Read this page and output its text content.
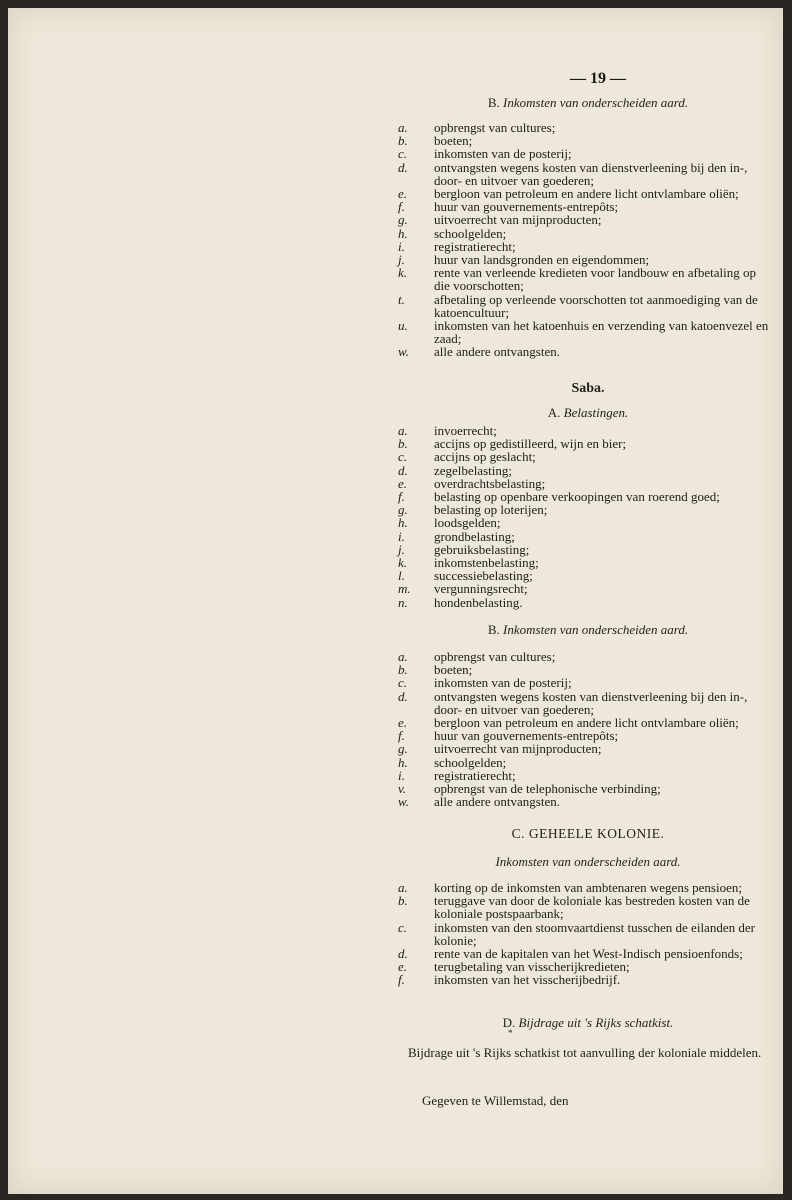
— 19 —
B. Inkomsten van onderscheiden aard.
a.	opbrengst van cultures;
b.	boeten;
c.	inkomsten van de posterij;
d.	ontvangsten wegens kosten van dienstverleening bij den in-, door- en uitvoer van goederen;
e.	bergloon van petroleum en andere licht ontvlambare oliën;
f.	huur van gouvernements-entrepôts;
g.	uitvoerrecht van mijnproducten;
h.	schoolgelden;
i.	registratierecht;
j.	huur van landsgronden en eigendommen;
k.	rente van verleende kredieten voor landbouw en afbetaling op die voorschotten;
t.	afbetaling op verleende voorschotten tot aanmoediging van de katoencultuur;
u.	inkomsten van het katoenhuis en verzending van katoenvezel en zaad;
w.	alle andere ontvangsten.
Saba.
A. Belastingen.
a.	invoerrecht;
b.	accijns op gedistilleerd, wijn en bier;
c.	accijns op geslacht;
d.	zegelbelasting;
e.	overdrachtsbelasting;
f.	belasting op openbare verkoopingen van roerend goed;
g.	belasting op loterijen;
h.	loodsgelden;
i.	grondbelasting;
j.	gebruiksbelasting;
k.	inkomstenbelasting;
l.	successiebelasting;
m.	vergunningsrecht;
n.	hondenbelasting.
B. Inkomsten van onderscheiden aard.
a.	opbrengst van cultures;
b.	boeten;
c.	inkomsten van de posterij;
d.	ontvangsten wegens kosten van dienstverleening bij den in-, door- en uitvoer van goederen;
e.	bergloon van petroleum en andere licht ontvlambare oliën;
f.	huur van gouvernements-entrepôts;
g.	uitvoerrecht van mijnproducten;
h.	schoolgelden;
i.	registratierecht;
v.	opbrengst van de telephonische verbinding;
w.	alle andere ontvangsten.
C. GEHEELE KOLONIE.
Inkomsten van onderscheiden aard.
a.	korting op de inkomsten van ambtenaren wegens pensioen;
b.	teruggave van door de koloniale kas bestreden kosten van de koloniale postspaarbank;
c.	inkomsten van den stoomvaartdienst tusschen de eilanden der kolonie;
d.	rente van de kapitalen van het West-Indisch pensioenfonds;
e.	terugbetaling van visscherijkredieten;
f.	inkomsten van het visscherijbedrijf.
D. Bijdrage uit 's Rijks schatkist.
*
Bijdrage uit 's Rijks schatkist tot aanvulling der koloniale middelen.
Gegeven te Willemstad, den
